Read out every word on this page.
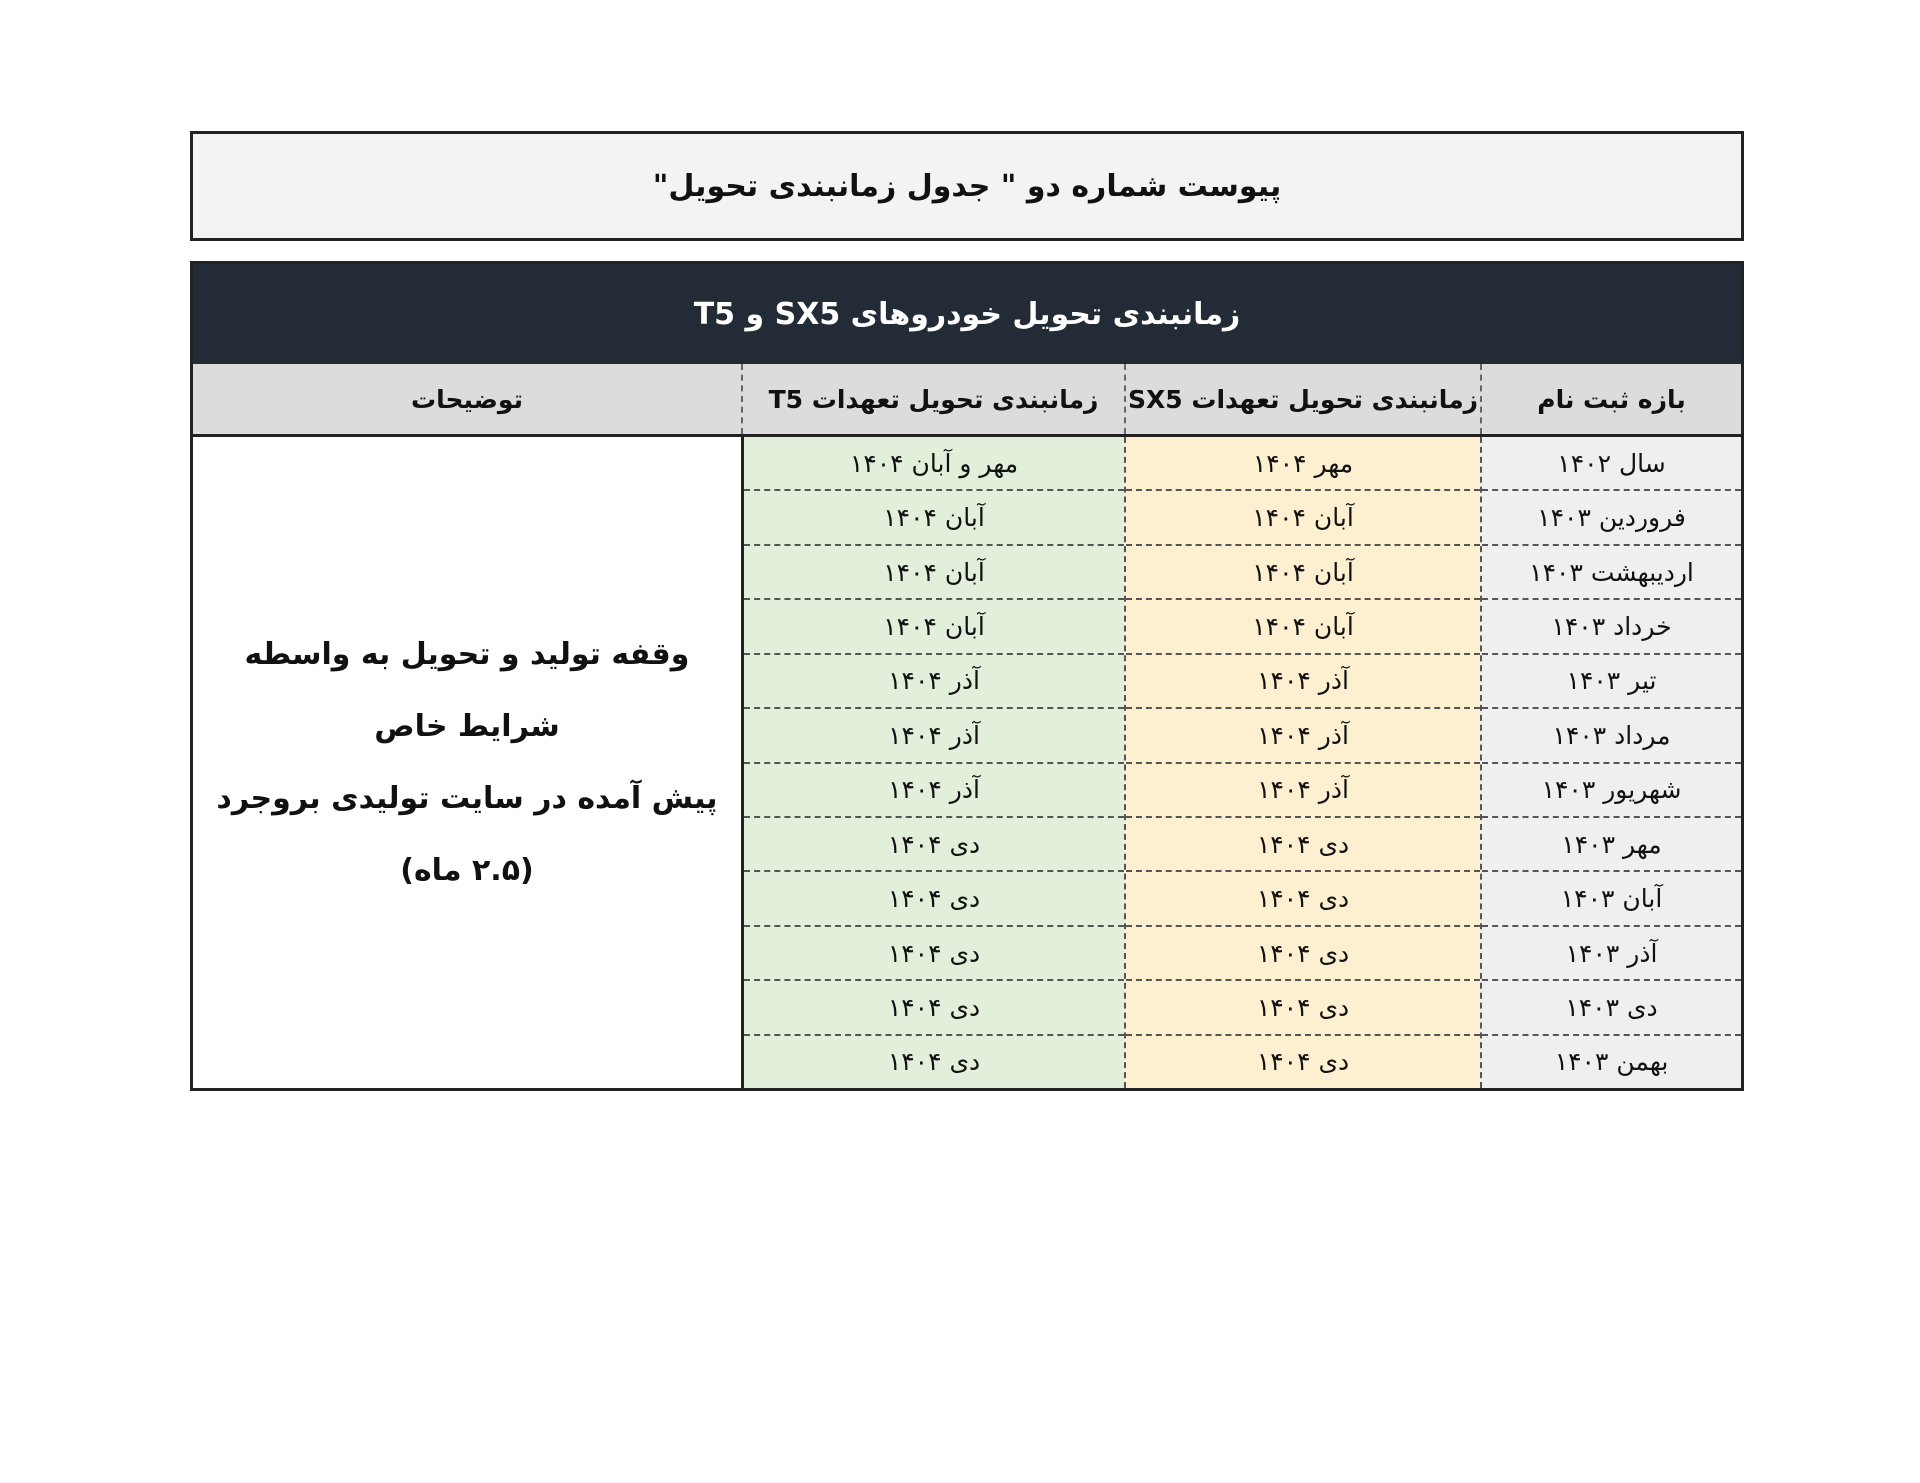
پیوست شماره دو " جدول زمانبندی تحویل"
زمانبندی تحویل خودروهای SX5 و T5
بازه ثبت نام
زمانبندی تحویل تعهدات SX5
زمانبندی تحویل تعهدات T5
توضیحات
سال ۱۴۰۲
فروردین ۱۴۰۳
اردیبهشت ۱۴۰۳
خرداد ۱۴۰۳
تیر ۱۴۰۳
مرداد ۱۴۰۳
شهریور ۱۴۰۳
مهر ۱۴۰۳
آبان ۱۴۰۳
آذر ۱۴۰۳
دی ۱۴۰۳
بهمن ۱۴۰۳
مهر ۱۴۰۴
آبان ۱۴۰۴
آبان ۱۴۰۴
آبان ۱۴۰۴
آذر ۱۴۰۴
آذر ۱۴۰۴
آذر ۱۴۰۴
دی ۱۴۰۴
دی ۱۴۰۴
دی ۱۴۰۴
دی ۱۴۰۴
دی ۱۴۰۴
مهر و آبان ۱۴۰۴
آبان ۱۴۰۴
آبان ۱۴۰۴
آبان ۱۴۰۴
آذر ۱۴۰۴
آذر ۱۴۰۴
آذر ۱۴۰۴
دی ۱۴۰۴
دی ۱۴۰۴
دی ۱۴۰۴
دی ۱۴۰۴
دی ۱۴۰۴
وقفه تولید و تحویل به واسطه شرایط خاص
پیش آمده در سایت تولیدی بروجرد
(۲.۵ ماه)
